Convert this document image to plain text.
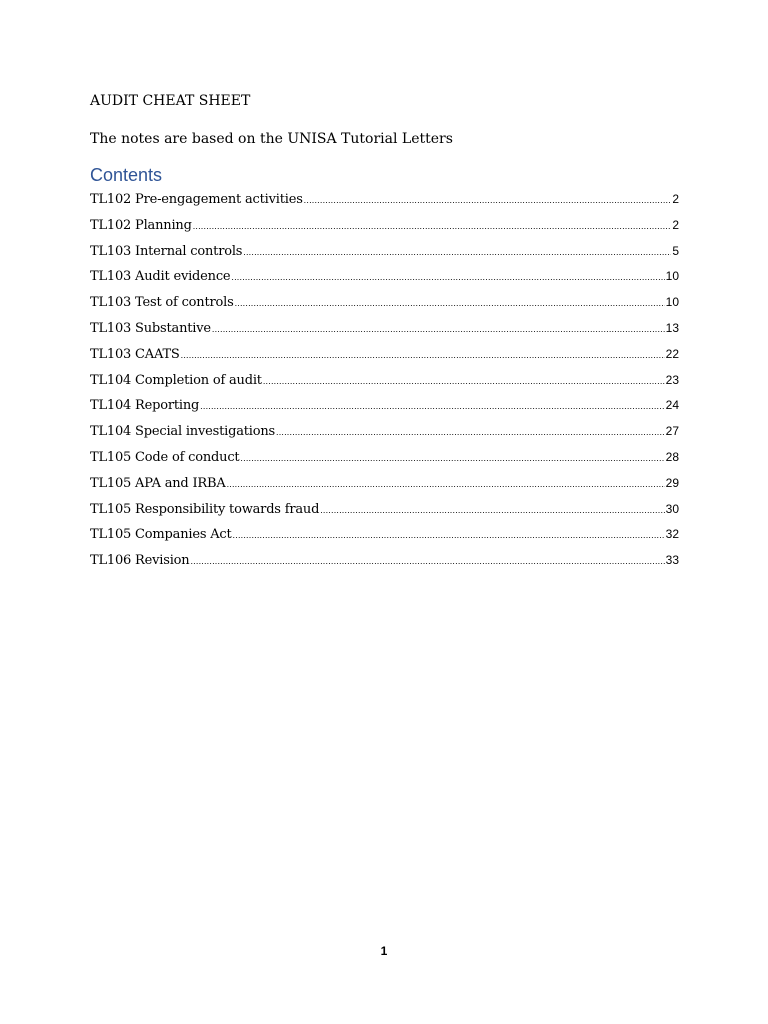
AUDIT CHEAT SHEET
The notes are based on the UNISA Tutorial Letters
Contents
TL102 Pre-engagement activities .....	2
TL102 Planning .....	2
TL103 Internal controls .....	5
TL103 Audit evidence .....	10
TL103 Test of controls .....	10
TL103 Substantive .....	13
TL103 CAATS .....	22
TL104 Completion of audit .....	23
TL104 Reporting .....	24
TL104 Special investigations .....	27
TL105 Code of conduct .....	28
TL105 APA and IRBA .....	29
TL105 Responsibility towards fraud .....	30
TL105 Companies Act .....	32
TL106 Revision .....	33
1
